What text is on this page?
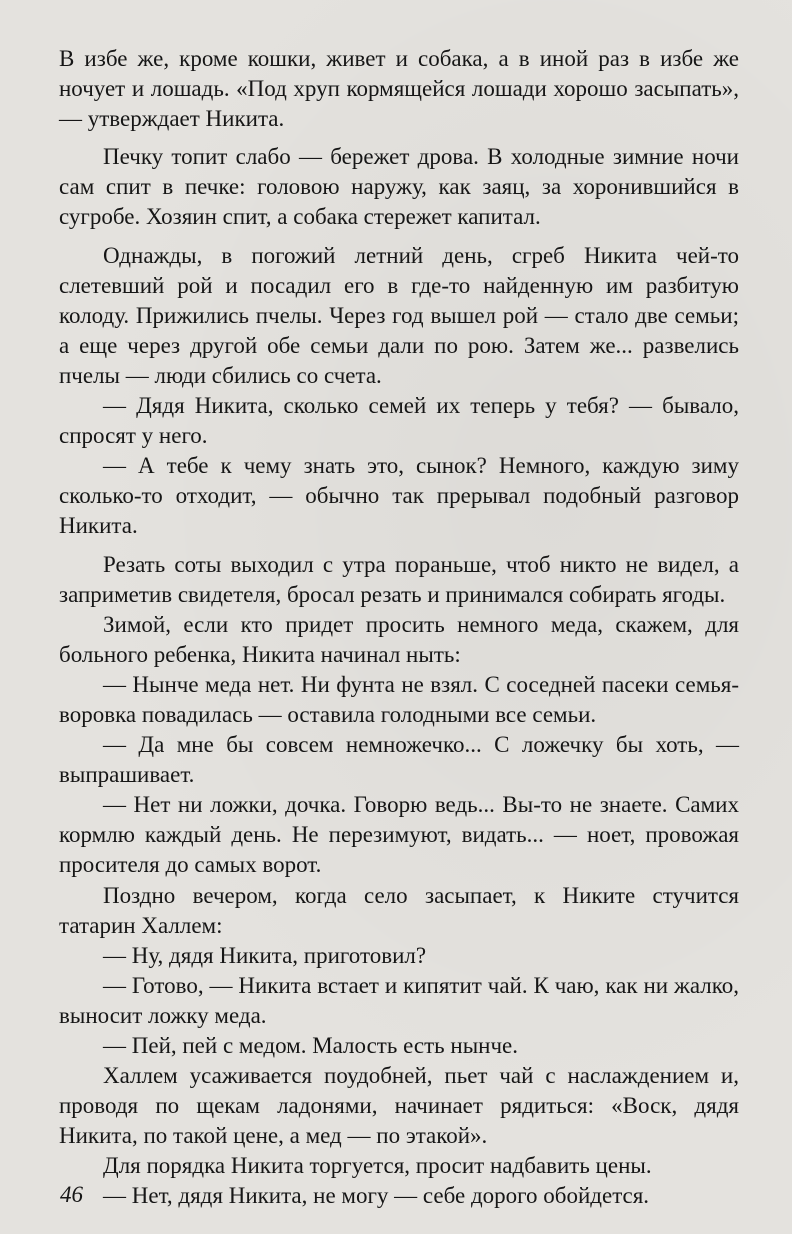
В избе же, кроме кошки, живет и собака, а в иной раз в избе же ночует и лошадь. «Под хруп кормящейся лошади хорошо засыпать», — утверждает Никита.

Печку топит слабо — бережет дрова. В холодные зимние ночи сам спит в печке: головою наружу, как заяц, за хоронившийся в сугробе. Хозяин спит, а собака стережет капитал.

Однажды, в погожий летний день, сгреб Никита чей-то слетевший рой и посадил его в где-то найденную им разбитую колоду. Прижились пчелы. Через год вышел рой — стало две семьи; а еще через другой обе семьи дали по рою. Затем же... развелись пчелы — люди сбились со счета.

— Дядя Никита, сколько семей их теперь у тебя? — бывало, спросят у него.

— А тебе к чему знать это, сынок? Немного, каждую зиму сколько-то отходит, — обычно так прерывал подобный разговор Никита.

Резать соты выходил с утра пораньше, чтоб никто не видел, а заприметив свидетеля, бросал резать и принимался собирать ягоды.

Зимой, если кто придет просить немного меда, скажем, для больного ребенка, Никита начинал ныть:

— Нынче меда нет. Ни фунта не взял. С соседней пасеки семья-воровка повадилась — оставила голодными все семьи.

— Да мне бы совсем немножечко... С ложечку бы хоть, — выпрашивает.

— Нет ни ложки, дочка. Говорю ведь... Вы-то не знаете. Самих кормлю каждый день. Не перезимуют, видать... — ноет, провожая просителя до самых ворот.

Поздно вечером, когда село засыпает, к Никите стучится татарин Халлем:

— Ну, дядя Никита, приготовил?

— Готово, — Никита встает и кипятит чай. К чаю, как ни жалко, выносит ложку меда.

— Пей, пей с медом. Малость есть нынче.

Халлем усаживается поудобней, пьет чай с наслаждением и, проводя по щекам ладонями, начинает рядиться: «Воск, дядя Никита, по такой цене, а мед — по этакой».

Для порядка Никита торгуется, просит надбавить цены.

— Нет, дядя Никита, не могу — себе дорого обойдется.

46
